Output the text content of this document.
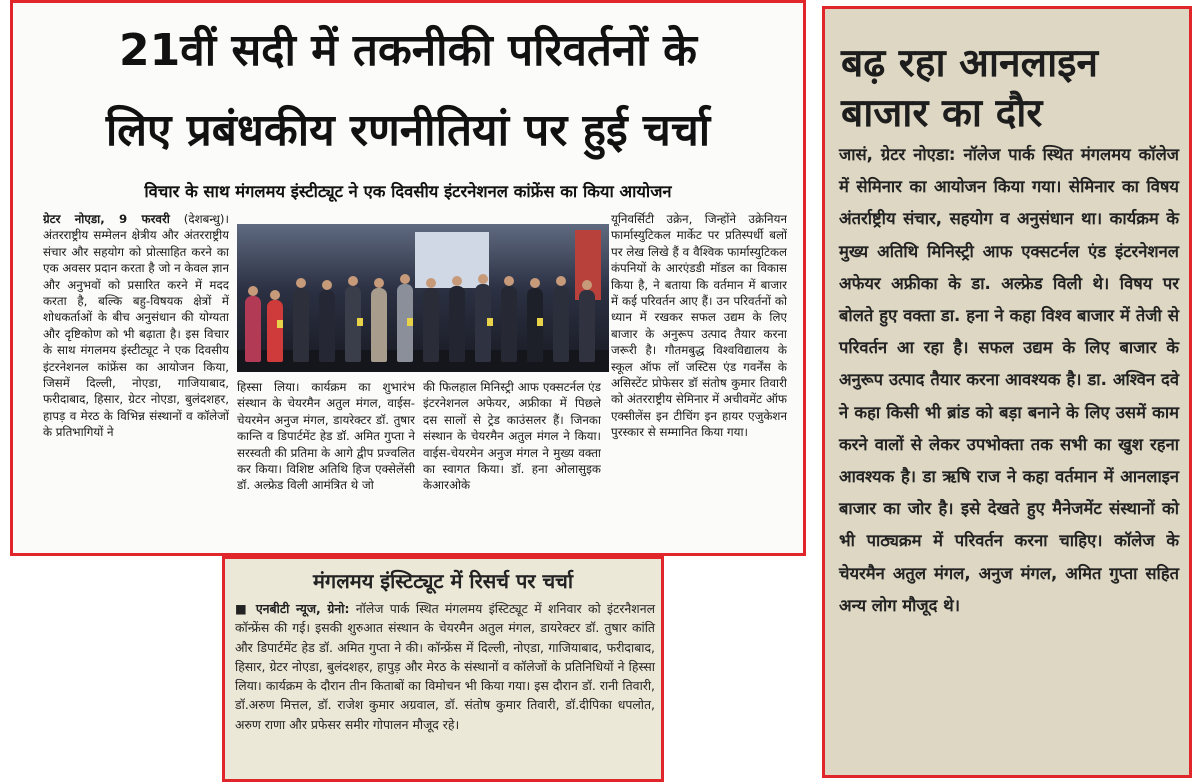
21वीं सदी में तकनीकी परिवर्तनों के
लिए प्रबंधकीय रणनीतियां पर हुई चर्चा
विचार के साथ मंगलमय इंस्टीट्यूट ने एक दिवसीय इंटरनेशनल कांफ्रेंस का किया आयोजन

ग्रेटर नोएडा, 9 फरवरी (देशबन्धु)। अंतरराष्ट्रीय सम्मेलन क्षेत्रीय और अंतरराष्ट्रीय संचार और सहयोग को प्रोत्साहित करने का एक अवसर प्रदान करता है जो न केवल ज्ञान और अनुभवों को प्रसारित करने में मदद करता है, बल्कि बहु-विषयक क्षेत्रों में शोधकर्ताओं के बीच अनुसंधान की योग्यता और दृष्टिकोण को भी बढ़ाता है। इस विचार के साथ मंगलमय इंस्टीट्यूट ने एक दिवसीय इंटरनेशनल कांफ्रेंस का आयोजन किया, जिसमें दिल्ली, नोएडा, गाजियाबाद, फरीदाबाद, हिसार, ग्रेटर नोएडा, बुलंदशहर, हापड़ व मेरठ के विभिन्न संस्थानों व कॉलेजों के प्रतिभागियों ने

हिस्सा लिया। कार्यक्रम का शुभारंभ संस्थान के चेयरमैन अतुल मंगल, वाईस-चेयरमेन अनुज मंगल, डायरेक्टर डॉ. तुषार कान्ति व डिपार्टमेंट हेड डॉ. अमित गुप्ता ने सरस्वती की प्रतिमा के आगे द्वीप प्रज्वलित कर किया। विशिष्ट अतिथि हिज एक्सेलेंसी डॉ. अल्फ्रेड विली आमंत्रित थे जो

की फिलहाल मिनिस्ट्री आफ एक्सटर्नल एंड इंटरनेशनल अफेयर, अफ्रीका में पिछले दस सालों से ट्रेड काउंसलर हैं। जिनका संस्थान के चेयरमैन अतुल मंगल ने किया। वाईस-चेयरमेन अनुज मंगल ने मुख्य वक्ता का स्वागत किया। डॉ. हना ओलासुइक केआरओके

यूनिवर्सिटी उक्रेन, जिन्होंने उक्रेनियन फार्मास्युटिकल मार्केट पर प्रतिस्पर्धी बलों पर लेख लिखे हैं व वैश्विक फार्मास्युटिकल कंपनियों के आरएंडडी मॉडल का विकास किया है, ने बताया कि वर्तमान में बाजार में कई परिवर्तन आए हैं। उन परिवर्तनों को ध्यान में रखकर सफल उद्यम के लिए बाजार के अनुरूप उत्पाद तैयार करना जरूरी है। गौतमबुद्ध विश्वविद्यालय के स्कूल ऑफ लॉ जस्टिस एंड गवर्नेंस के असिस्टेंट प्रोफेसर डॉ संतोष कुमार तिवारी को अंतरराष्ट्रीय सेमिनार में अचीवमेंट ऑफ एक्सीलेंस इन टीचिंग इन हायर एजुकेशन पुरस्कार से सम्मानित किया गया।

मंगलमय इंस्टिट्यूट में रिसर्च पर चर्चा
■ एनबीटी न्यूज, ग्रेनो: नॉलेज पार्क स्थित मंगलमय इंस्टिट्यूट में शनिवार को इंटरनैशनल कॉन्फ्रेंस की गई। इसकी शुरुआत संस्थान के चेयरमैन अतुल मंगल, डायरेक्टर डॉ. तुषार कांति और डिपार्टमेंट हेड डॉ. अमित गुप्ता ने की। कॉन्फ्रेंस में दिल्ली, नोएडा, गाजियाबाद, फरीदाबाद, हिसार, ग्रेटर नोएडा, बुलंदशहर, हापुड़ और मेरठ के संस्थानों व कॉलेजों के प्रतिनिधियों ने हिस्सा लिया। कार्यक्रम के दौरान तीन किताबों का विमोचन भी किया गया। इस दौरान डॉ. रानी तिवारी, डॉ.अरुण मित्तल, डॉ. राजेश कुमार अग्रवाल, डॉ. संतोष कुमार तिवारी, डॉ.दीपिका धपलोत, अरुण राणा और प्रफेसर समीर गोपालन मौजूद रहे।
बढ़ रहा आनलाइन
बाजार का दौर
जासं, ग्रेटर नोएडा: नॉलेज पार्क स्थित मंगलमय कॉलेज में सेमिनार का आयोजन किया गया। सेमिनार का विषय अंतर्राष्ट्रीय संचार, सहयोग व अनुसंधान था। कार्यक्रम के मुख्य अतिथि मिनिस्ट्री आफ एक्सटर्नल एंड इंटरनेशनल अफेयर अफ्रीका के डा. अल्फ्रेड विली थे। विषय पर बोलते हुए वक्ता डा. हना ने कहा विश्व बाजार में तेजी से परिवर्तन आ रहा है। सफल उद्यम के लिए बाजार के अनुरूप उत्पाद तैयार करना आवश्यक है। डा. अश्विन दवे ने कहा किसी भी ब्रांड को बड़ा बनाने के लिए उसमें काम करने वालों से लेकर उपभोक्ता तक सभी का खुश रहना आवश्यक है। डा ऋषि राज ने कहा वर्तमान में आनलाइन बाजार का जोर है। इसे देखते हुए मैनेजमेंट संस्थानों को भी पाठ्यक्रम में परिवर्तन करना चाहिए। कॉलेज के चेयरमैन अतुल मंगल, अनुज मंगल, अमित गुप्ता सहित अन्य लोग मौजूद थे।
